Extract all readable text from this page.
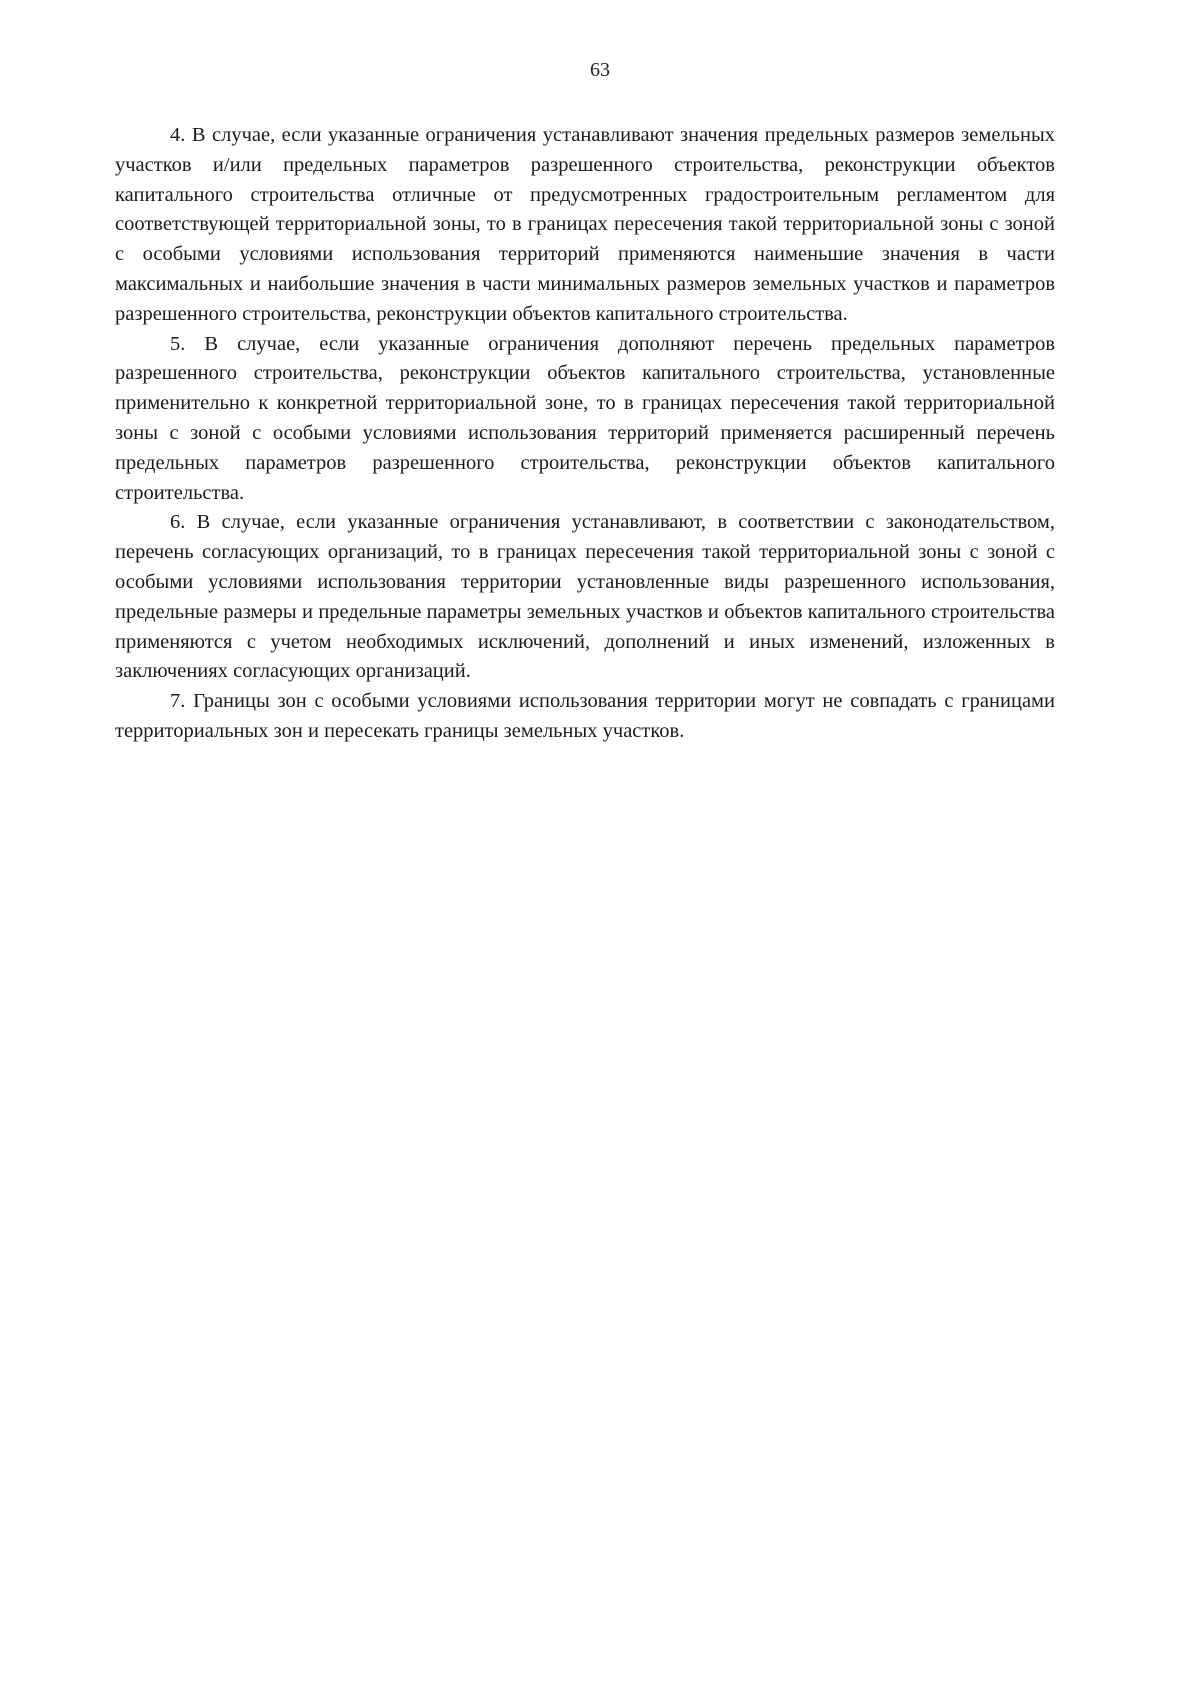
63

4. В случае, если указанные ограничения устанавливают значения предельных размеров земельных участков и/или предельных параметров разрешенного строительства, реконструкции объектов капитального строительства отличные от предусмотренных градостроительным регламентом для соответствующей территориальной зоны, то в границах пересечения такой территориальной зоны с зоной с особыми условиями использования территорий применяются наименьшие значения в части максимальных и наибольшие значения в части минимальных размеров земельных участков и параметров разрешенного строительства, реконструкции объектов капитального строительства.

5. В случае, если указанные ограничения дополняют перечень предельных параметров разрешенного строительства, реконструкции объектов капитального строительства, установленные применительно к конкретной территориальной зоне, то в границах пересечения такой территориальной зоны с зоной с особыми условиями использования территорий применяется расширенный перечень предельных параметров разрешенного строительства, реконструкции объектов капитального строительства.

6. В случае, если указанные ограничения устанавливают, в соответствии с законодательством, перечень согласующих организаций, то в границах пересечения такой территориальной зоны с зоной с особыми условиями использования территории установленные виды разрешенного использования, предельные размеры и предельные параметры земельных участков и объектов капитального строительства применяются с учетом необходимых исключений, дополнений и иных изменений, изложенных в заключениях согласующих организаций.

7. Границы зон с особыми условиями использования территории могут не совпадать с границами территориальных зон и пересекать границы земельных участков.
